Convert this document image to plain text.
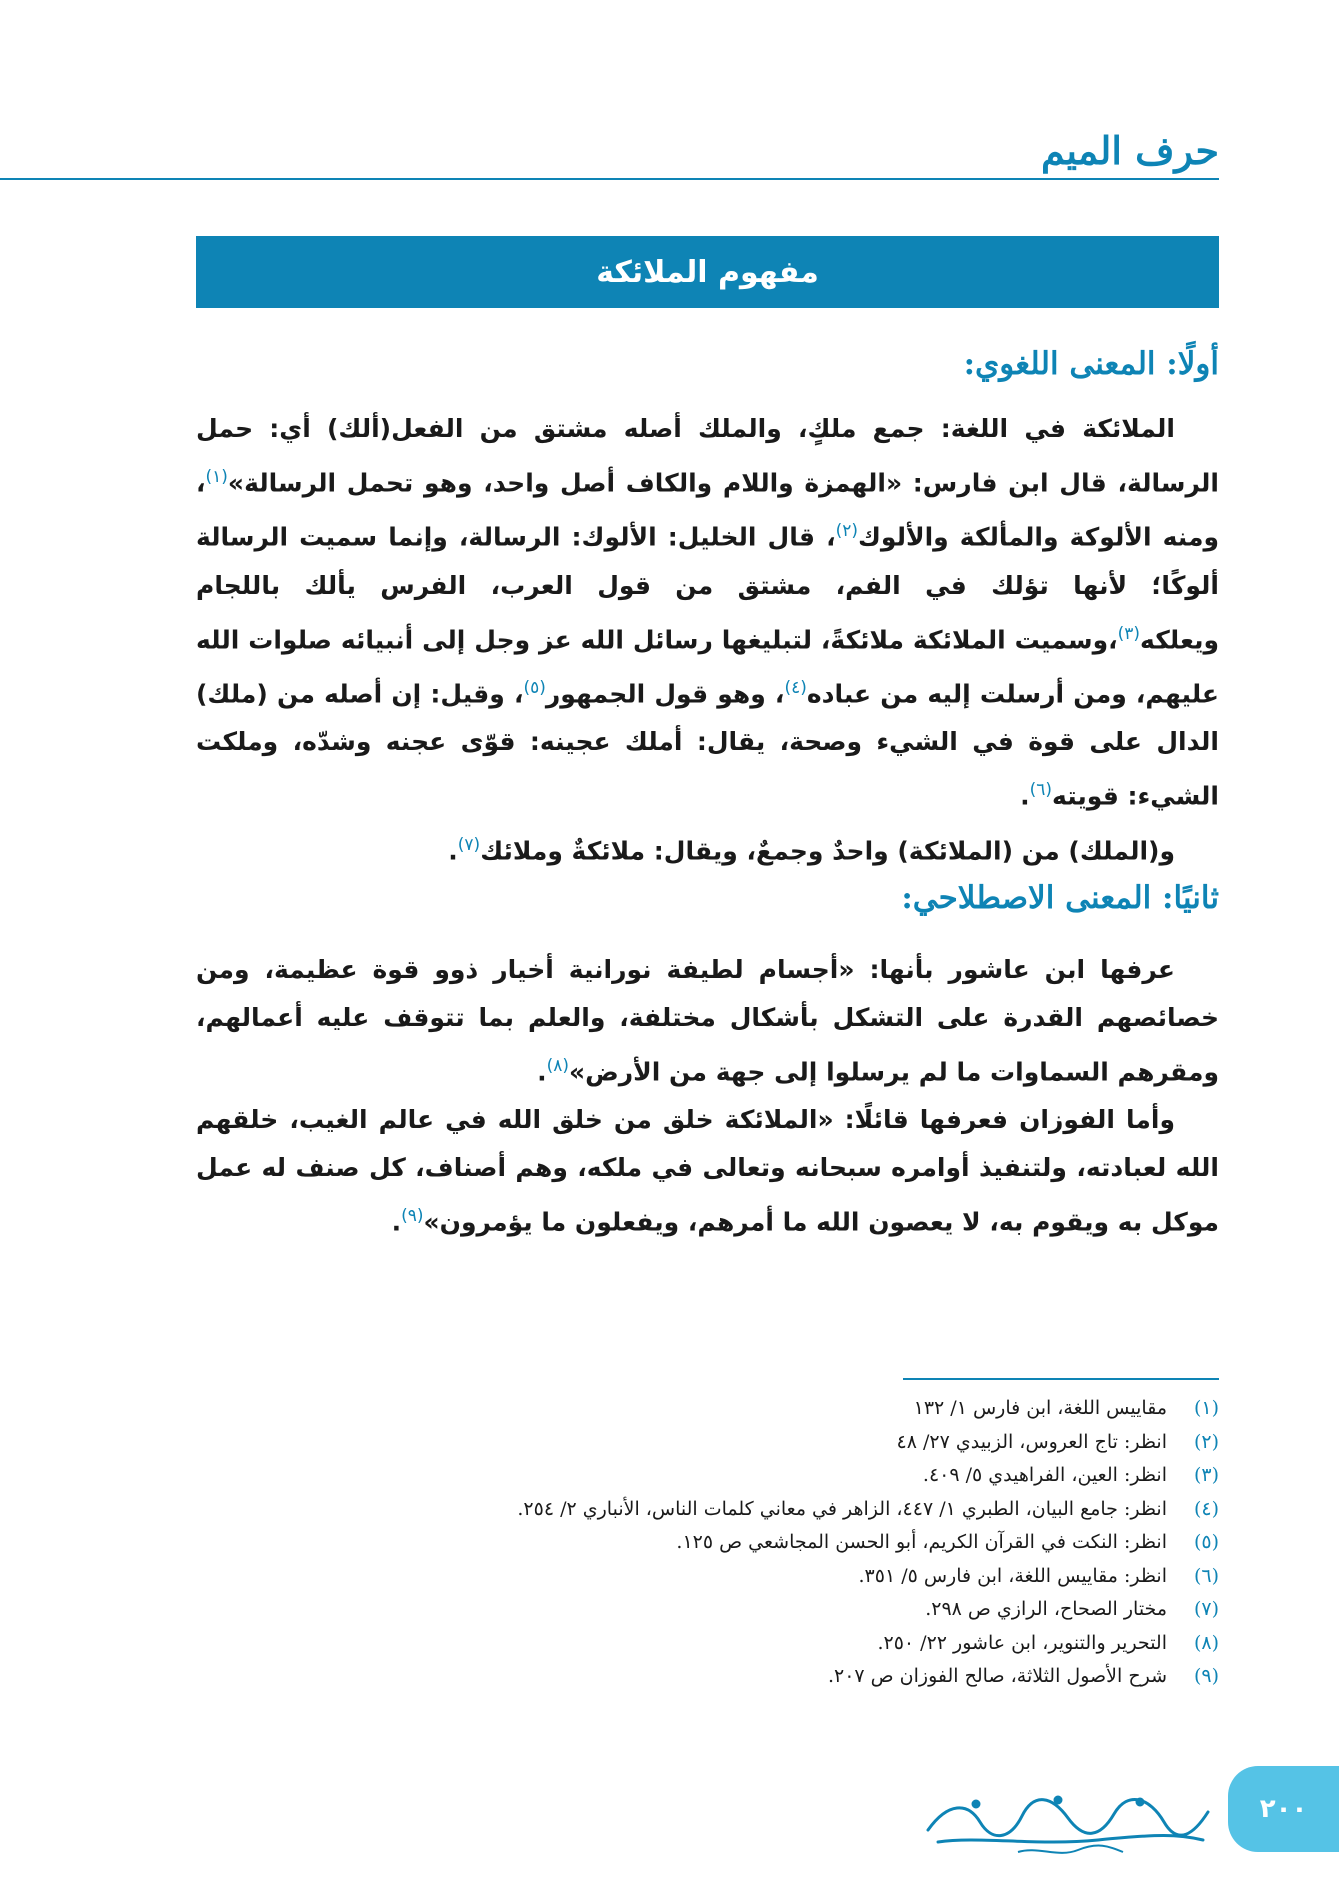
حرف الميم
مفهوم الملائكة
أولًا: المعنى اللغوي:

الملائكة في اللغة: جمع ملكٍ، والملك أصله مشتق من الفعل(ألك) أي: حمل الرسالة، قال ابن فارس: «الهمزة واللام والكاف أصل واحد، وهو تحمل الرسالة»$^{(١)}$، ومنه الألوكة والمألكة والألوك$^{(٢)}$، قال الخليل: الألوك: الرسالة، وإنما سميت الرسالة ألوكًا؛ لأنها تؤلك في الفم، مشتق من قول العرب، الفرس يألك باللجام ويعلكه$^{(٣)}$،وسميت الملائكة ملائكةً، لتبليغها رسائل الله عز وجل إلى أنبيائه صلوات الله عليهم، ومن أرسلت إليه من عباده$^{(٤)}$، وهو قول الجمهور$^{(٥)}$، وقيل: إن أصله من (ملك) الدال على قوة في الشيء وصحة، يقال: أملك عجينه: قوّى عجنه وشدّه، وملكت الشيء: قويته$^{(٦)}$.

و(الملك) من (الملائكة) واحدٌ وجمعٌ، ويقال: ملائكةٌ وملائك$^{(٧)}$.

ثانيًا: المعنى الاصطلاحي:

عرفها ابن عاشور بأنها: «أجسام لطيفة نورانية أخيار ذوو قوة عظيمة، ومن خصائصهم القدرة على التشكل بأشكال مختلفة، والعلم بما تتوقف عليه أعمالهم، ومقرهم السماوات ما لم يرسلوا إلى جهة من الأرض»$^{(٨)}$.

وأما الفوزان فعرفها قائلًا: «الملائكة خلق من خلق الله في عالم الغيب، خلقهم الله لعبادته، ولتنفيذ أوامره سبحانه وتعالى في ملكه، وهم أصناف، كل صنف له عمل موكل به ويقوم به، لا يعصون الله ما أمرهم، ويفعلون ما يؤمرون»$^{(٩)}$.

(١)
مقاييس اللغة، ابن فارس ١/ ١٣٢
(٢)
انظر: تاج العروس، الزبيدي ٢٧/ ٤٨
(٣)
انظر: العين، الفراهيدي ٥/ ٤٠٩.
(٤)
انظر: جامع البيان، الطبري ١/ ٤٤٧، الزاهر في معاني كلمات الناس، الأنباري ٢/ ٢٥٤.
(٥)
انظر: النكت في القرآن الكريم، أبو الحسن المجاشعي ص ١٢٥.
(٦)
انظر: مقاييس اللغة، ابن فارس ٥/ ٣٥١.
(٧)
مختار الصحاح، الرازي ص ٢٩٨.
(٨)
التحرير والتنوير، ابن عاشور ٢٢/ ٢٥٠.
(٩)
شرح الأصول الثلاثة، صالح الفوزان ص ٢٠٧.
٢٠٠
